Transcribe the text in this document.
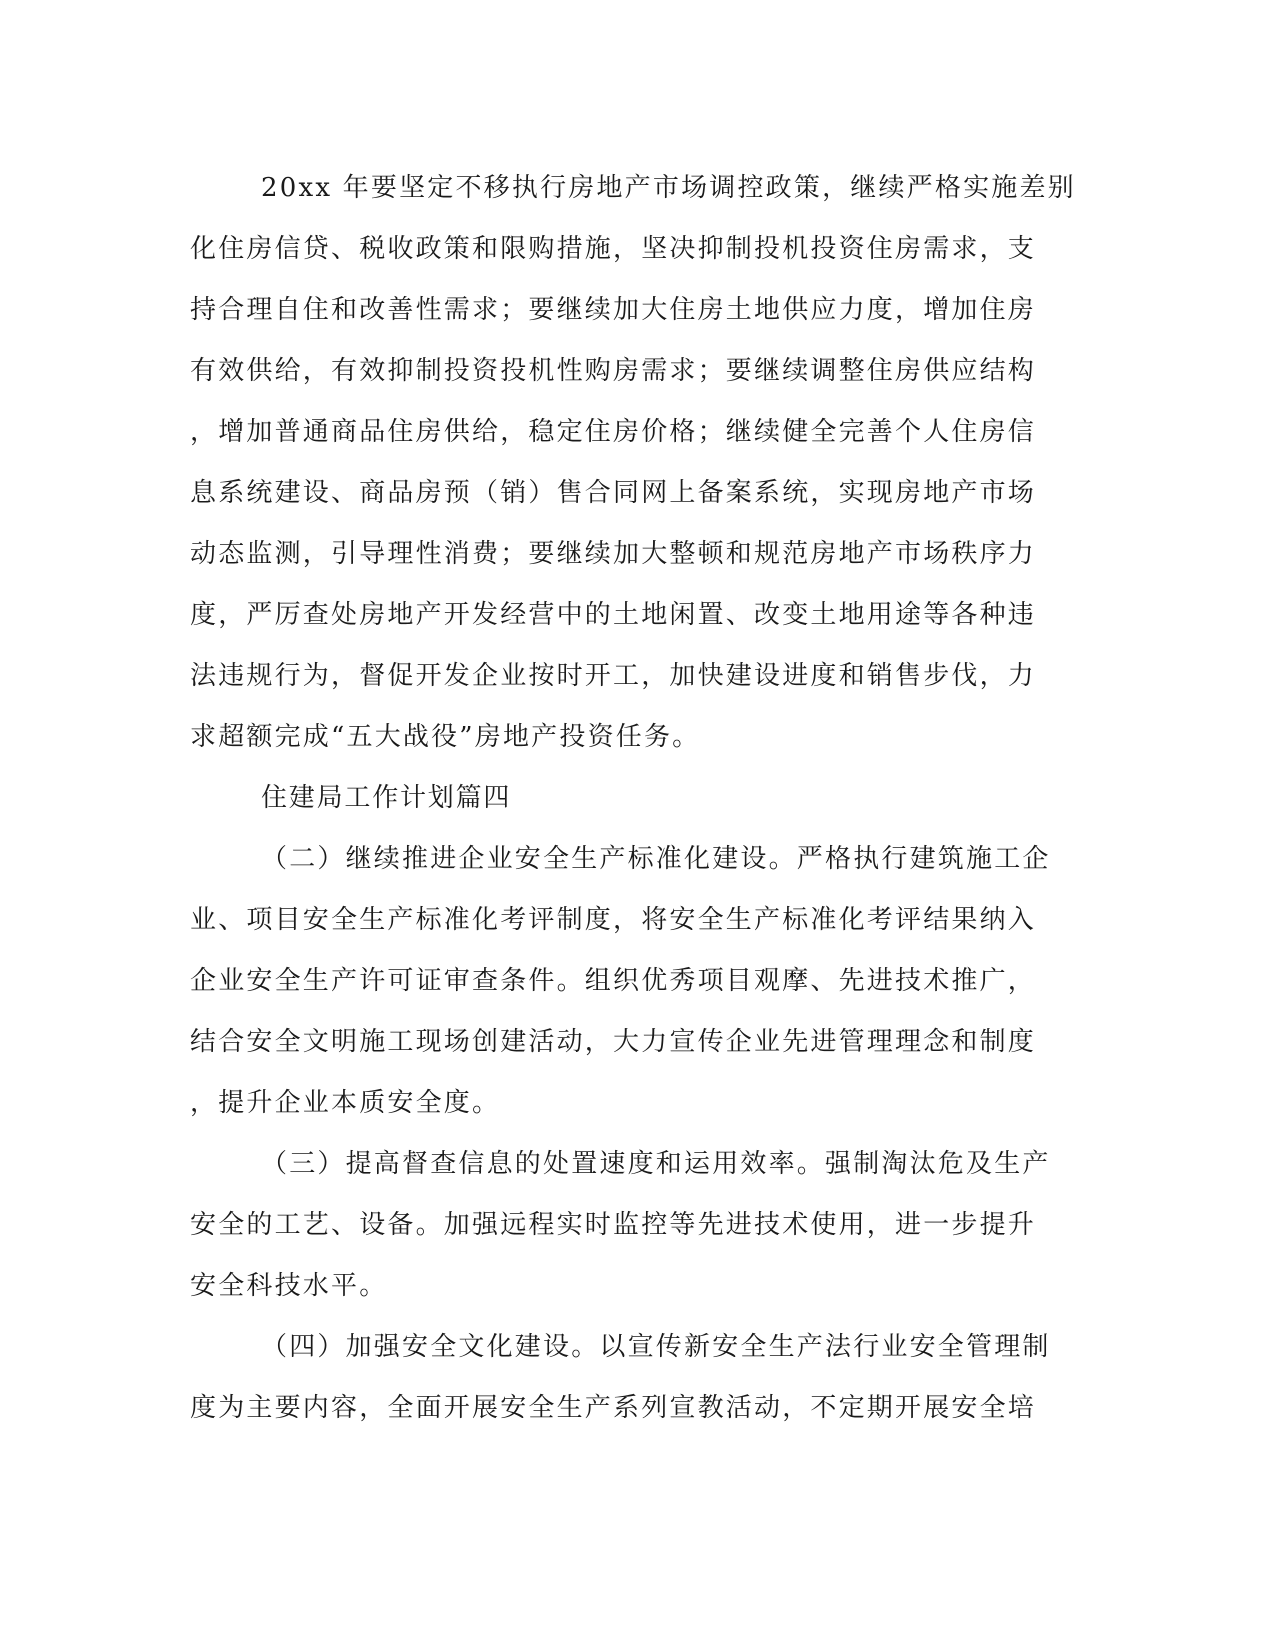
20xx 年要坚定不移执行房地产市场调控政策，继续严格实施差别
化住房信贷、税收政策和限购措施，坚决抑制投机投资住房需求，支
持合理自住和改善性需求；要继续加大住房土地供应力度，增加住房
有效供给，有效抑制投资投机性购房需求；要继续调整住房供应结构
，增加普通商品住房供给，稳定住房价格；继续健全完善个人住房信
息系统建设、商品房预（销）售合同网上备案系统，实现房地产市场
动态监测，引导理性消费；要继续加大整顿和规范房地产市场秩序力
度，严厉查处房地产开发经营中的土地闲置、改变土地用途等各种违
法违规行为，督促开发企业按时开工，加快建设进度和销售步伐，力
求超额完成“五大战役”房地产投资任务。
住建局工作计划篇四
（二）继续推进企业安全生产标准化建设。严格执行建筑施工企
业、项目安全生产标准化考评制度，将安全生产标准化考评结果纳入
企业安全生产许可证审查条件。组织优秀项目观摩、先进技术推广，
结合安全文明施工现场创建活动，大力宣传企业先进管理理念和制度
，提升企业本质安全度。
（三）提高督查信息的处置速度和运用效率。强制淘汰危及生产
安全的工艺、设备。加强远程实时监控等先进技术使用，进一步提升
安全科技水平。
（四）加强安全文化建设。以宣传新安全生产法行业安全管理制
度为主要内容，全面开展安全生产系列宣教活动，不定期开展安全培
